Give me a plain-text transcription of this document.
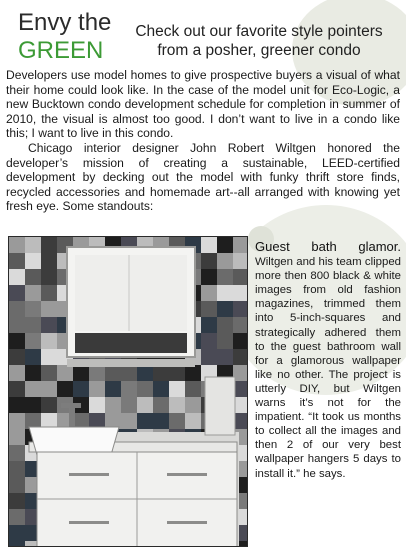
Envy the
GREEN
Check out our favorite style pointers
from a posher, greener condo

Developers use model homes to give prospective buyers a visual of what their home could look like. In the case of the model unit for Eco-Logic, a new Bucktown condo development schedule for completion in summer of 2010, the visual is almost too good. I don’t want to live in a condo like this; I want to live in this condo.

Chicago interior designer John Robert Wiltgen honored the developer’s mission of creating a sustainable, LEED-certified development by decking out the model with funky thrift store finds, recycled accessories and homemade art--all arranged with knowing yet fresh eye. Some standouts:

Guest bath glamor. Wiltgen and his team clipped more then 800 black & white images from old fashion magazines, trimmed them into 5-inch-squares and strategically adhered them to the guest bathroom wall for a glamorous wallpaper like no other. The project is utterly DIY, but Wiltgen warns it’s not for the impatient. “It took us months to collect all the images and then 2 of our very best wallpaper hangers 5 days to install it.” he says.
